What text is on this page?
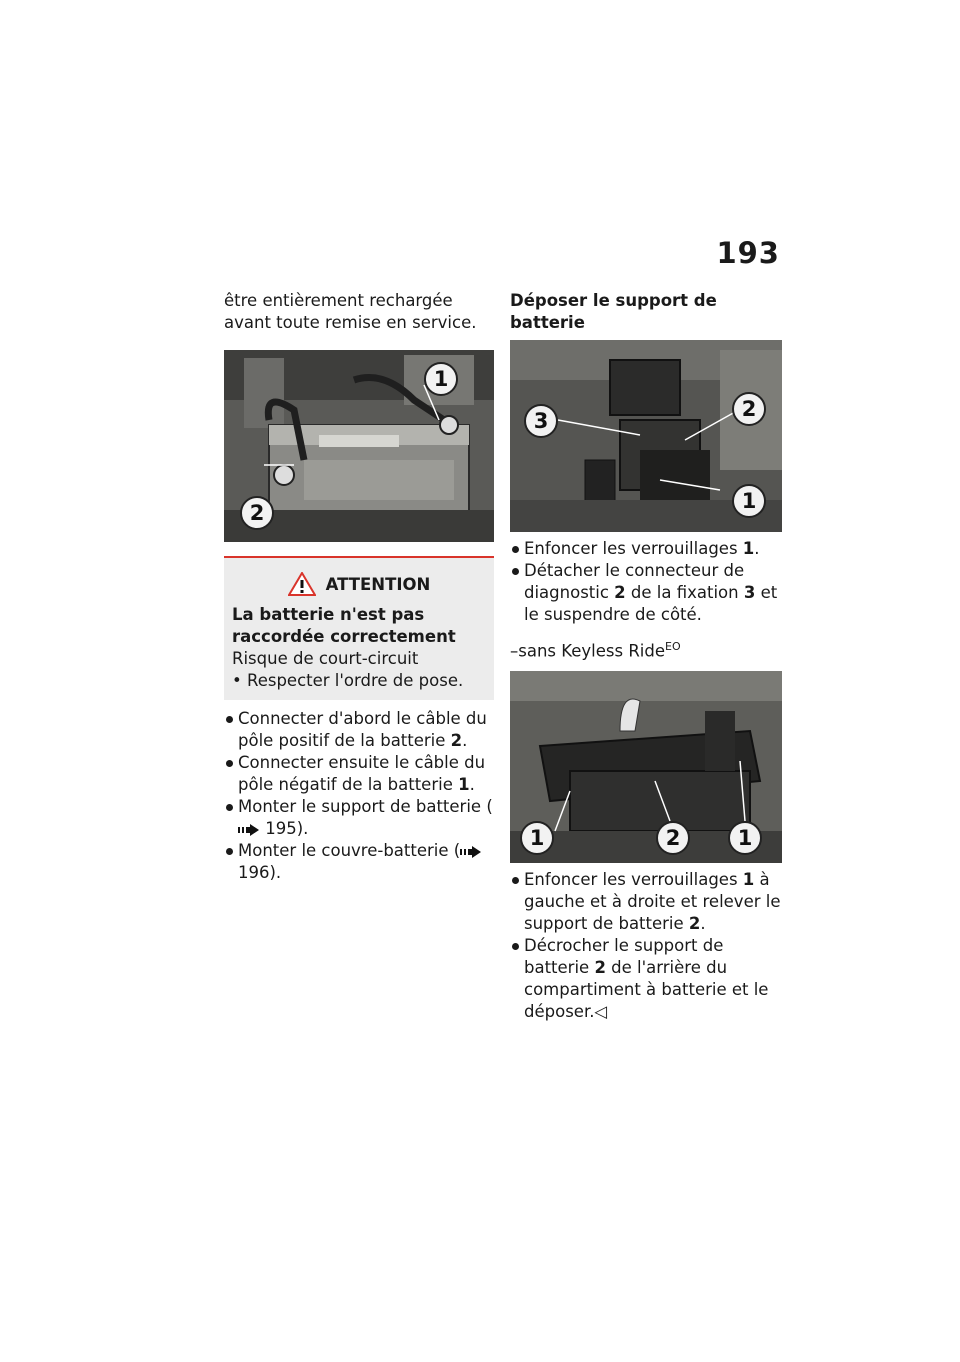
193

être entièrement rechargée avant toute remise en service.

1
2
ATTENTION

La batterie n'est pas raccordée correctement

Risque de court-circuit

• Respecter l'ordre de pose.

Connecter d'abord le câble du pôle positif de la batterie 2.
Connecter ensuite le câble du pôle négatif de la batterie 1.
Monter le support de batterie ( 195).
Monter le couvre-batterie ( 196).

Déposer le support de batterie

3	2
1
Enfoncer les verrouillages 1.
Détacher le connecteur de diagnostic 2 de la fixation 3 et le suspendre de côté.

–sans Keyless Ride$^{EO}$

1	2	1
Enfoncer les verrouillages 1 à gauche et à droite et relever le support de batterie 2.
Décrocher le support de batterie 2 de l'arrière du compartiment à batterie et le déposer.◁
